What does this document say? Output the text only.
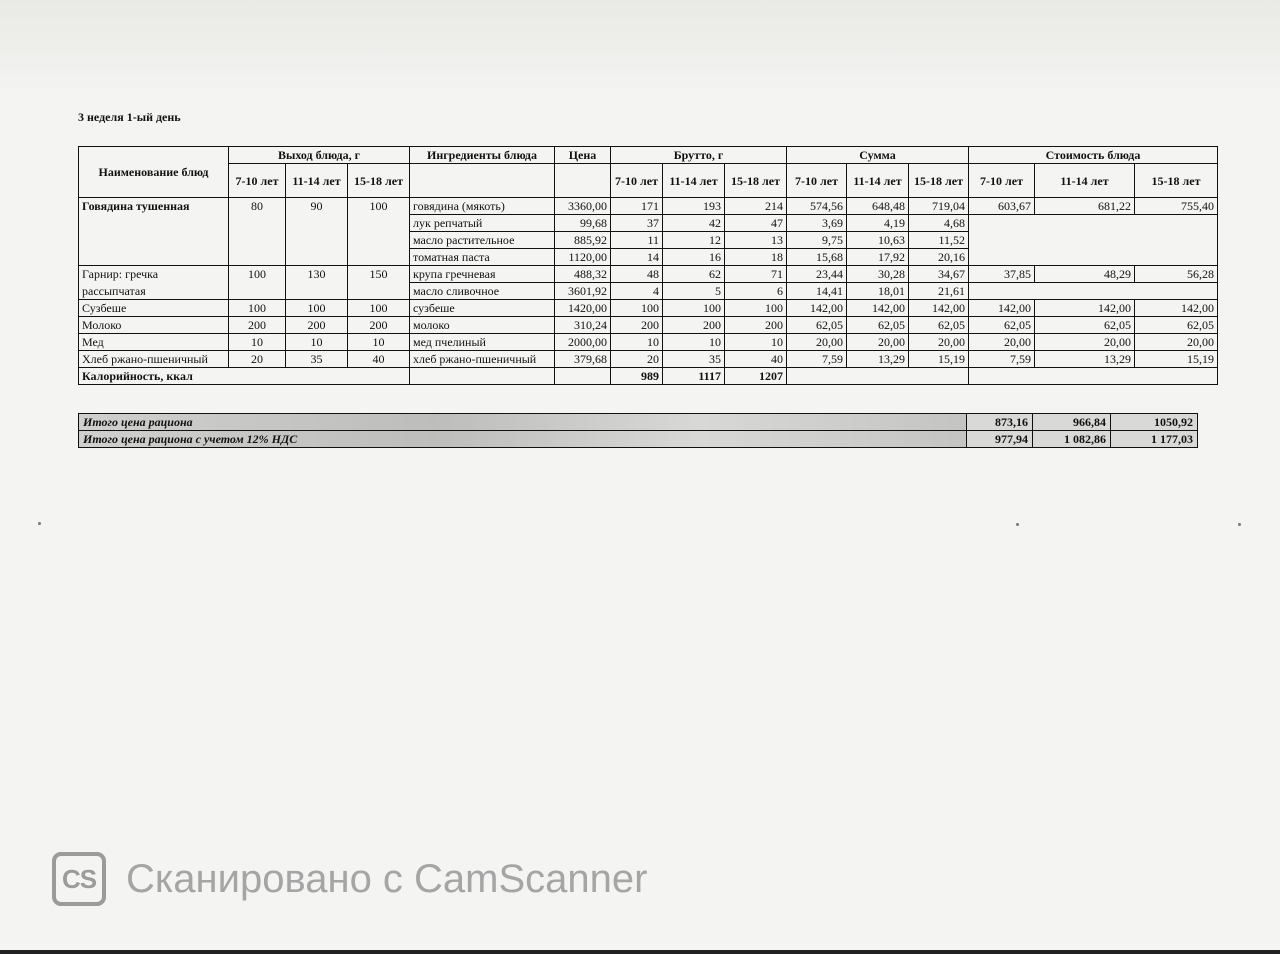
3 неделя 1-ый день
Наименование блюд	Выход блюда, г			Ингредиенты блюда	Цена	Брутто, г			Сумма			Стоимость блюда		
	7-10 лет	11-14 лет	15-18 лет			7-10 лет	11-14 лет	15-18 лет	7-10 лет	11-14 лет	15-18 лет	7-10 лет	11-14 лет	15-18 лет
Говядина тушенная	80	90	100	говядина (мякоть)	3360,00	171	193	214	574,56	648,48	719,04	603,67	681,22	755,40
				лук репчатый	99,68	37	42	47	3,69	4,19	4,68			
				масло растительное	885,92	11	12	13	9,75	10,63	11,52			
				томатная паста	1120,00	14	16	18	15,68	17,92	20,16			
Гарнир: гречка	100	130	150	крупа гречневая	488,32	48	62	71	23,44	30,28	34,67	37,85	48,29	56,28
рассыпчатая				масло сливочное	3601,92	4	5	6	14,41	18,01	21,61			
Сузбеше	100	100	100	сузбеше	1420,00	100	100	100	142,00	142,00	142,00	142,00	142,00	142,00
Молоко	200	200	200	молоко	310,24	200	200	200	62,05	62,05	62,05	62,05	62,05	62,05
Мед	10	10	10	мед пчелиный	2000,00	10	10	10	20,00	20,00	20,00	20,00	20,00	20,00
Хлеб ржано-пшеничный	20	35	40	хлеб ржано-пшеничный	379,68	20	35	40	7,59	13,29	15,19	7,59	13,29	15,19
Калорийность, ккал						989	1117	1207						
Итого цена рациона	873,16	966,84	1050,92
Итого цена рациона с учетом 12% НДС	977,94	1 082,86	1 177,03
CS Сканировано с CamScanner
